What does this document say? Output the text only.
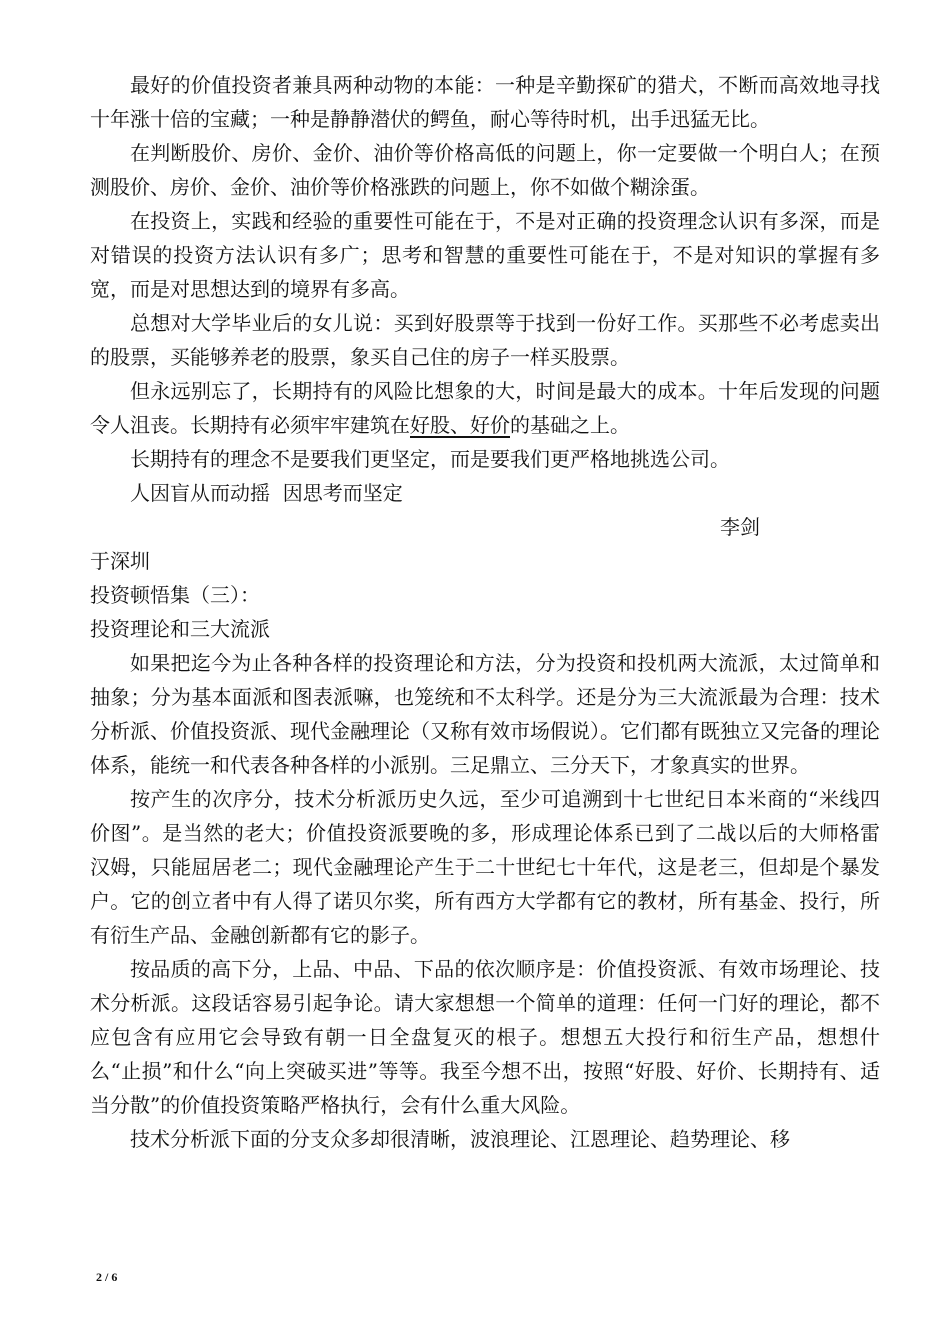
最好的价值投资者兼具两种动物的本能：一种是辛勤探矿的猎犬，不断而高效地寻找十年涨十倍的宝藏；一种是静静潜伏的鳄鱼，耐心等待时机，出手迅猛无比。

在判断股价、房价、金价、油价等价格高低的问题上，你一定要做一个明白人；在预测股价、房价、金价、油价等价格涨跌的问题上，你不如做个糊涂蛋。

在投资上，实践和经验的重要性可能在于，不是对正确的投资理念认识有多深，而是对错误的投资方法认识有多广；思考和智慧的重要性可能在于，不是对知识的掌握有多宽，而是对思想达到的境界有多高。

总想对大学毕业后的女儿说：买到好股票等于找到一份好工作。买那些不必考虑卖出的股票，买能够养老的股票，象买自己住的房子一样买股票。

但永远别忘了，长期持有的风险比想象的大，时间是最大的成本。十年后发现的问题令人沮丧。长期持有必须牢牢建筑在好股、好价的基础之上。

长期持有的理念不是要我们更坚定，而是要我们更严格地挑选公司。

人因盲从而动摇  因思考而坚定

李剑

于深圳

投资顿悟集（三）：

投资理论和三大流派

如果把迄今为止各种各样的投资理论和方法，分为投资和投机两大流派，太过简单和抽象；分为基本面派和图表派嘛，也笼统和不太科学。还是分为三大流派最为合理：技术分析派、价值投资派、现代金融理论（又称有效市场假说）。它们都有既独立又完备的理论体系，能统一和代表各种各样的小派别。三足鼎立、三分天下，才象真实的世界。

按产生的次序分，技术分析派历史久远，至少可追溯到十七世纪日本米商的“米线四价图”。是当然的老大；价值投资派要晚的多，形成理论体系已到了二战以后的大师格雷汉姆，只能屈居老二；现代金融理论产生于二十世纪七十年代，这是老三，但却是个暴发户。它的创立者中有人得了诺贝尔奖，所有西方大学都有它的教材，所有基金、投行，所有衍生产品、金融创新都有它的影子。

按品质的高下分，上品、中品、下品的依次顺序是：价值投资派、有效市场理论、技术分析派。这段话容易引起争论。请大家想想一个简单的道理：任何一门好的理论，都不应包含有应用它会导致有朝一日全盘复灭的根子。想想五大投行和衍生产品，想想什么“止损”和什么“向上突破买进”等等。我至今想不出，按照“好股、好价、长期持有、适当分散”的价值投资策略严格执行，会有什么重大风险。

技术分析派下面的分支众多却很清晰，波浪理论、江恩理论、趋势理论、移

2 / 6
